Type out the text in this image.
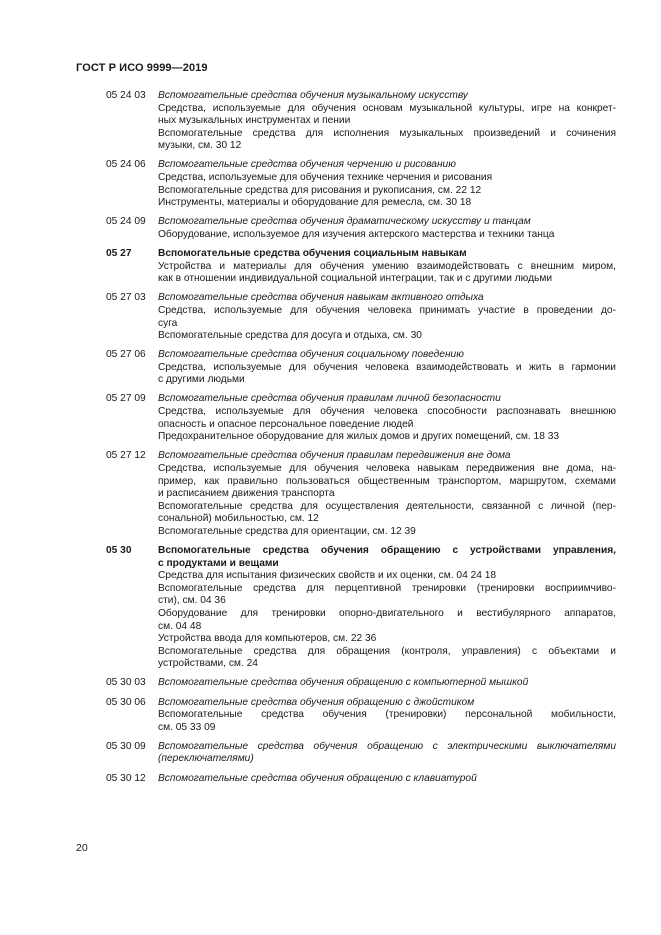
ГОСТ Р ИСО 9999—2019
05 24 03	Вспомогательные средства обучения музыкальному искусству
Средства, используемые для обучения основам музыкальной культуры, игре на конкрет-
ных музыкальных инструментах и пении
Вспомогательные средства для исполнения музыкальных произведений и сочинения
музыки, см. 30 12
05 24 06	Вспомогательные средства обучения черчению и рисованию
Средства, используемые для обучения технике черчения и рисования
Вспомогательные средства для рисования и рукописания, см. 22 12
Инструменты, материалы и оборудование для ремесла, см. 30 18
05 24 09	Вспомогательные средства обучения драматическому искусству и танцам
Оборудование, используемое для изучения актерского мастерства и техники танца
05 27	Вспомогательные средства обучения социальным навыкам
Устройства и материалы для обучения умению взаимодействовать с внешним миром,
как в отношении индивидуальной социальной интеграции, так и с другими людьми
05 27 03	Вспомогательные средства обучения навыкам активного отдыха
Средства, используемые для обучения человека принимать участие в проведении до-
суга
Вспомогательные средства для досуга и отдыха, см. 30
05 27 06	Вспомогательные средства обучения социальному поведению
Средства, используемые для обучения человека взаимодействовать и жить в гармонии
с другими людьми
05 27 09	Вспомогательные средства обучения правилам личной безопасности
Средства, используемые для обучения человека способности распознавать внешнюю
опасность и опасное персональное поведение людей
Предохранительное оборудование для жилых домов и других помещений, см. 18 33
05 27 12	Вспомогательные средства обучения правилам передвижения вне дома
Средства, используемые для обучения человека навыкам передвижения вне дома, на-
пример, как правильно пользоваться общественным транспортом, маршрутом, схемами
и расписанием движения транспорта
Вспомогательные средства для осуществления деятельности, связанной с личной (пер-
сональной) мобильностью, см. 12
Вспомогательные средства для ориентации, см. 12 39
05 30	Вспомогательные средства обучения обращению с устройствами управления,
с продуктами и вещами
Средства для испытания физических свойств и их оценки, см. 04 24 18
Вспомогательные средства для перцептивной тренировки (тренировки восприимчиво-
сти), см. 04 36
Оборудование для тренировки опорно-двигательного и вестибулярного аппаратов,
см. 04 48
Устройства ввода для компьютеров, см. 22 36
Вспомогательные средства для обращения (контроля, управления) с объектами и
устройствами, см. 24
05 30 03	Вспомогательные средства обучения обращению с компьютерной мышкой
05 30 06	Вспомогательные средства обучения обращению с джойстиком
Вспомогательные средства обучения (тренировки) персональной мобильности,
см. 05 33 09
05 30 09	Вспомогательные средства обучения обращению с электрическими выключателями
(переключателями)
05 30 12	Вспомогательные средства обучения обращению с клавиатурой
20
